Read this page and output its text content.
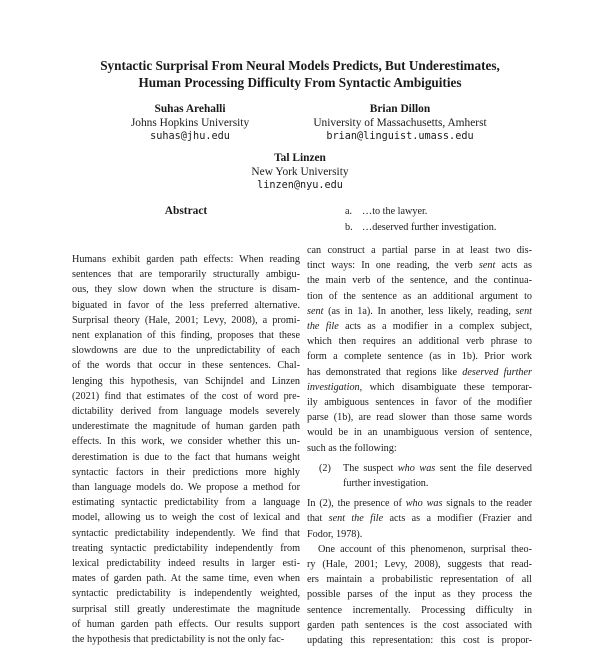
Syntactic Surprisal From Neural Models Predicts, But Underestimates,
Human Processing Difficulty From Syntactic Ambiguities
Suhas Arehalli
Johns Hopkins University
suhas@jhu.edu
Brian Dillon
University of Massachusetts, Amherst
brian@linguist.umass.edu
Tal Linzen
New York University
linzen@nyu.edu
Abstract
Humans exhibit garden path effects: When reading
sentences that are temporarily structurally ambigu-
ous, they slow down when the structure is disam-
biguated in favor of the less preferred alternative.
Surprisal theory (Hale, 2001; Levy, 2008), a promi-
nent explanation of this finding, proposes that these
slowdowns are due to the unpredictability of each
of the words that occur in these sentences. Chal-
lenging this hypothesis, van Schijndel and Linzen
(2021) find that estimates of the cost of word pre-
dictability derived from language models severely
underestimate the magnitude of human garden path
effects. In this work, we consider whether this un-
derestimation is due to the fact that humans weight
syntactic factors in their predictions more highly
than language models do. We propose a method for
estimating syntactic predictability from a language
model, allowing us to weigh the cost of lexical and
syntactic predictability independently. We find that
treating syntactic predictability independently from
lexical predictability indeed results in larger esti-
mates of garden path. At the same time, even when
syntactic predictability is independently weighted,
surprisal still greatly underestimate the magnitude
of human garden path effects. Our results support
the hypothesis that predictability is not the only fac-
a. …to the lawyer.
b. …deserved further investigation.
can construct a partial parse in at least two dis-
tinct ways: In one reading, the verb sent acts as
the main verb of the sentence, and the continua-
tion of the sentence as an additional argument to
sent (as in 1a). In another, less likely, reading, sent
the file acts as a modifier in a complex subject,
which then requires an additional verb phrase to
form a complete sentence (as in 1b). Prior work
has demonstrated that regions like deserved further
investigation, which disambiguate these temporar-
ily ambiguous sentences in favor of the modifier
parse (1b), are read slower than those same words
would be in an unambiguous version of sentence,
such as the following:
(2) The suspect who was sent the file deserved
further investigation.
In (2), the presence of who was signals to the reader
that sent the file acts as a modifier (Frazier and
Fodor, 1978).
One account of this phenomenon, surprisal theo-
ry (Hale, 2001; Levy, 2008), suggests that read-
ers maintain a probabilistic representation of all
possible parses of the input as they process the
sentence incrementally. Processing difficulty in
garden path sentences is the cost associated with
updating this representation: this cost is propor-
